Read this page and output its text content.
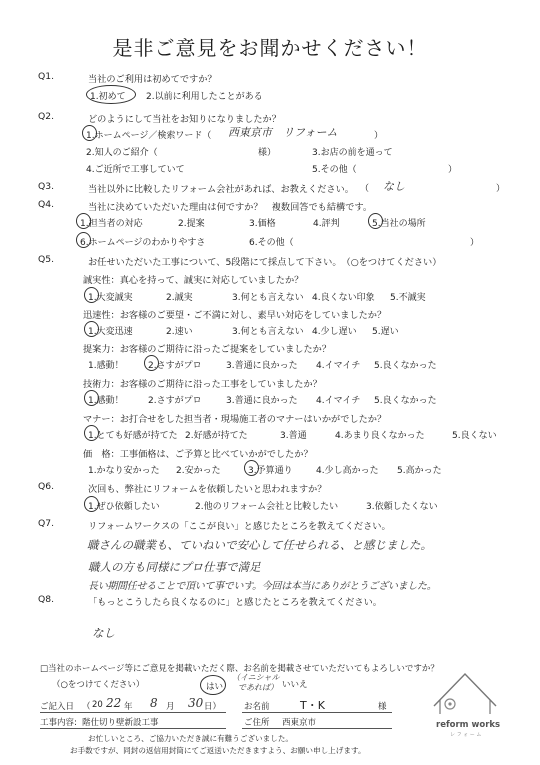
是非ご意見をお聞かせください！
Q1.	当社のご利用は初めてですか？
1.初めて 2.以前に利用したことがある
Q2.	どのようにして当社をお知りになりましたか？
1.ホームページ／検索ワード（ 西東京市　リフォーム	）
2.知人のご紹介（	様）	3.お店の前を通って
4.ご近所で工事していて	5.その他（	）
Q3.	当社以外に比較したリフォーム会社があれば、お教えください。 （ なし	）
Q4.	当社に決めていただいた理由は何ですか？　複数回答でも結構です。
1.担当者の対応	2.提案	3.価格	4.評判	5.当社の場所
6.ホームページのわかりやすさ	6.その他（	）
Q5.	お任せいただいた工事について、5段階にて採点して下さい。　（○をつけてください）
誠実性：真心を持って、誠実に対応していましたか？
1.大変誠実	2.誠実	3.何とも言えない 4.良くない印象 5.不誠実
迅速性：お客様のご要望・ご不満に対し、素早い対応をしていましたか？
1.大変迅速	2.速い	3.何とも言えない 4.少し遅い 5.遅い
提案力：お客様のご期待に沿ったご提案をしていましたか？
1.感動！	2.さすがプロ	3.普通に良かった 4.イマイチ 5.良くなかった
技術力：お客様のご期待に沿った工事をしていましたか？
1.感動！	2.さすがプロ	3.普通に良かった 4.イマイチ 5.良くなかった
マナー：お打合せをした担当者・現場施工者のマナーはいかがでしたか？
1.とても好感が持てた 2.好感が持てた	3.普通	4.あまり良くなかった	5.良くない
価　格：工事価格は、ご予算と比べていかがでしたか？
1.かなり安かった 2.安かった	3.予算通り	4.少し高かった 5.高かった
Q6.	次回も、弊社にリフォームを依頼したいと思われますか？
1.ぜひ依頼したい	2.他のリフォーム会社と比較したい	3.依頼したくない
Q7.	リフォームワークスの「ここが良い」と感じたところを教えてください。
職さんの職業も、ていねいで安心して任せられる、と感じました。
職人の方も同様にプロ仕事で満足
長い期間任せることで頂いて事でいす。今回は本当にありがとうございました。
Q8.	「もっとこうしたら良くなるのに」と感じたところを教えてください。
なし
□当社のホームページ等にご意見を掲載いただく際、お名前を掲載させていただいてもよろしいですか？
（○をつけてください）	はい
（イニシャル
であれば） いいえ
ご記入日 （ 20 22 年 8 月 30 日）	お名前	T・K	様
工事内容: 階仕切り壁新設工事	ご住所 西東京市
お忙しいところ、ご協力いただき誠に有難うございました。
お手数ですが、同封の返信用封筒にてご返送いただきますよう、お願い申し上げます。
reform works
レ フ ォ ー ム
